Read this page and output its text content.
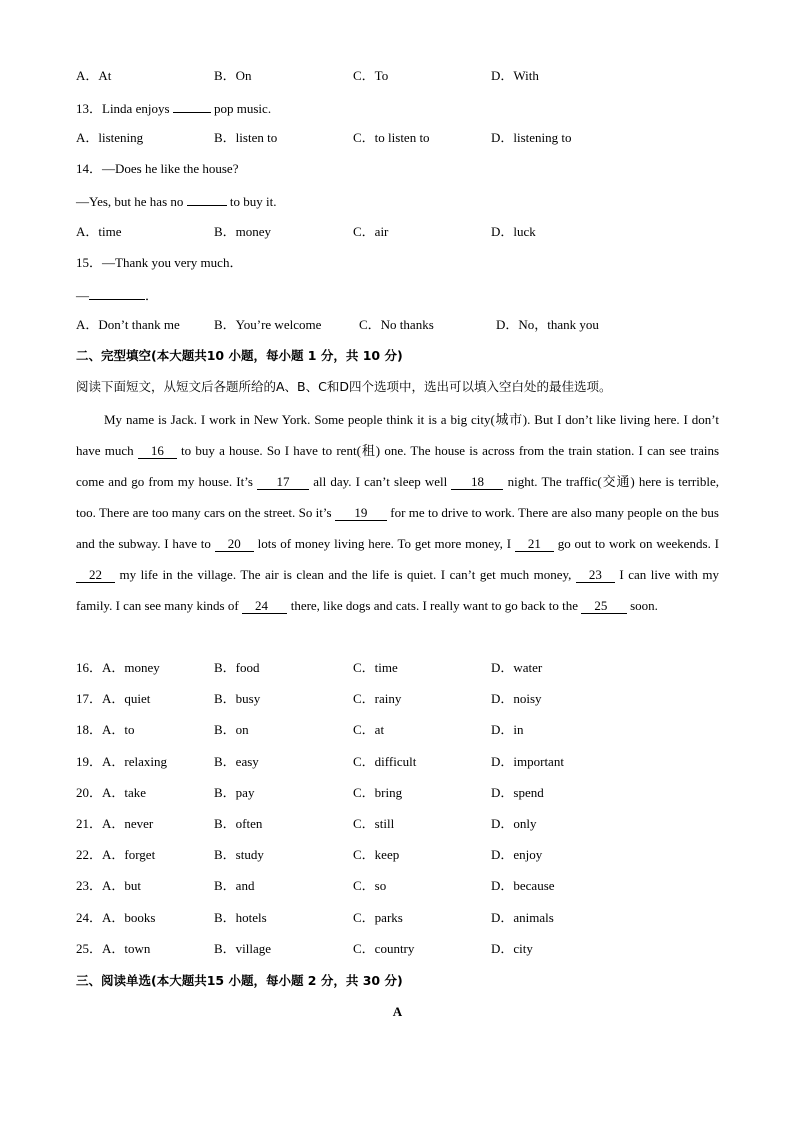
A．At	B．On	C．To	D．With
13．Linda enjoys	pop music.
A．listening	B．listen to	C．to listen to	D．listening to
14．—Does he like the house?
—Yes, but he has no	to buy it.
A．time	B．money	C．air	D．luck
15．—Thank you very much．
—	．
A．Don’t thank me	B．You’re welcome	C．No thanks	D．No，thank you
二、完型填空(本大题共10 小题，每小题 1 分，共 10 分)
阅读下面短文，从短文后各题所给的A、B、C和D四个选项中，选出可以填入空白处的最佳选项。
My name is Jack. I work in New York. Some people think it is a big city(城市). But I don’t like living here. I don’t have much   16   to buy a house. So I have to rent(租) one. The house is across from the train station. I can see trains come and go from my house. It’s    17    all day. I can’t sleep well    18    night. The traffic(交通) here is terrible, too. There are too many cars on the street. So it’s    19    for me to drive to work. There are also many people on the bus and the subway. I have to   20   lots of money living here. To get more money, I   21   go out to work on weekends. I   22   my life in the village. The air is clean and the life is quiet. I can’t get much money,   23   I can live with my family. I can see many kinds of   24    there, like dogs and cats. I really want to go back to the   25    soon.
16．A．money	B．food	C．time	D．water
17．A．quiet	B．busy	C．rainy	D．noisy
18．A．to	B．on	C．at	D．in
19．A．relaxing	B．easy	C．difficult	D．important
20．A．take	B．pay	C．bring	D．spend
21．A．never	B．often	C．still	D．only
22．A．forget	B．study	C．keep	D．enjoy
23．A．but	B．and	C．so	D．because
24．A．books	B．hotels	C．parks	D．animals
25．A．town	B．village	C．country	D．city
三、阅读单选(本大题共15 小题，每小题 2 分，共 30 分)
A
